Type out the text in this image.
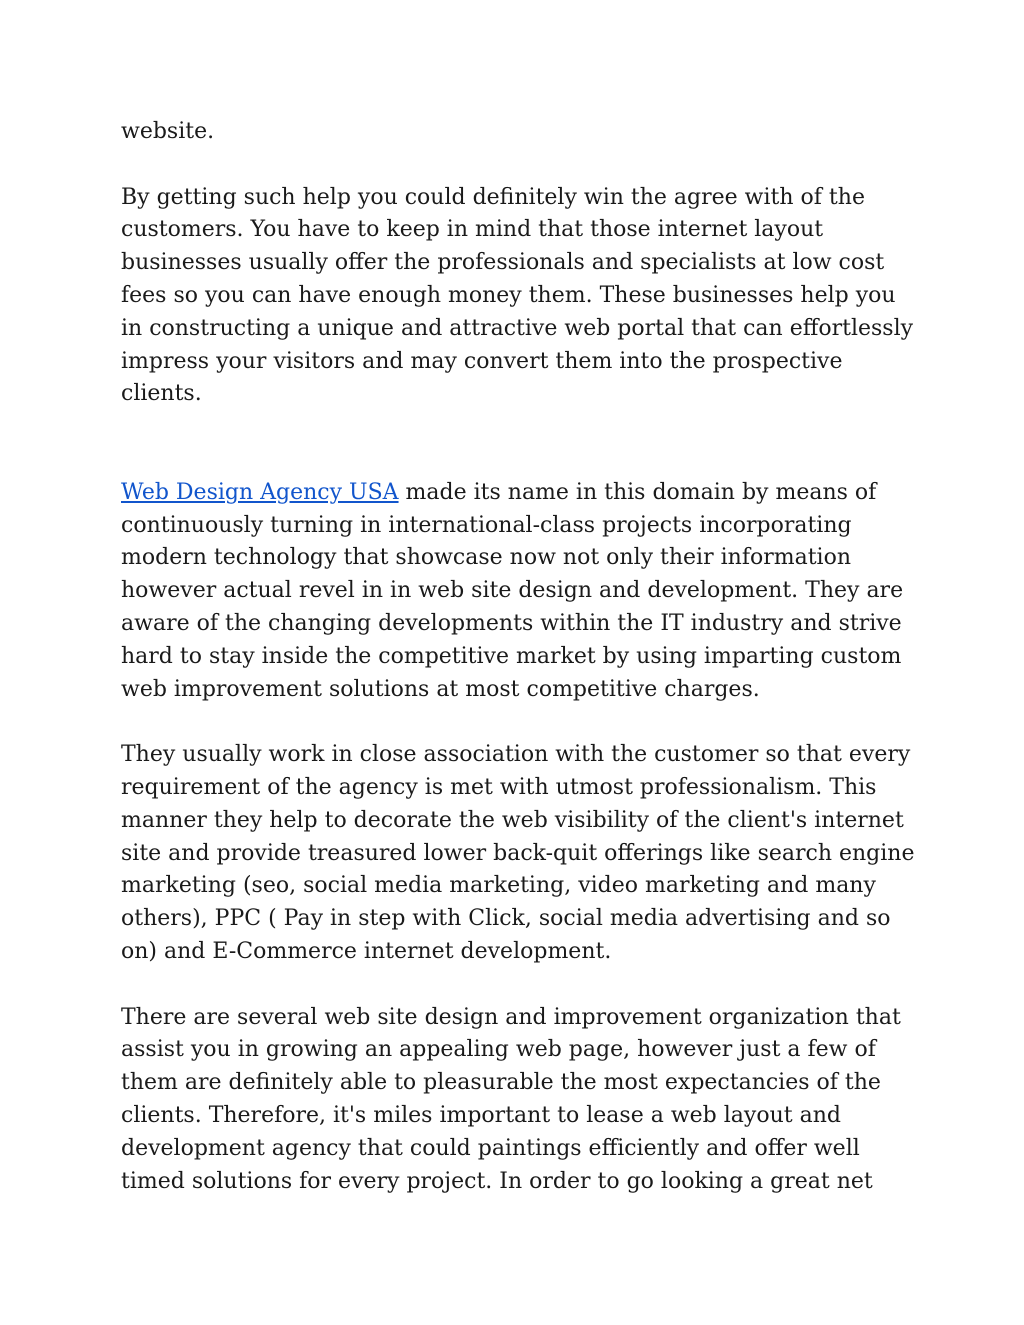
website.

By getting such help you could definitely win the agree with of the customers. You have to keep in mind that those internet layout businesses usually offer the professionals and specialists at low cost fees so you can have enough money them. These businesses help you in constructing a unique and attractive web portal that can effortlessly impress your visitors and may convert them into the prospective clients.

Web Design Agency USA made its name in this domain by means of continuously turning in international-class projects incorporating modern technology that showcase now not only their information however actual revel in in web site design and development. They are aware of the changing developments within the IT industry and strive hard to stay inside the competitive market by using imparting custom web improvement solutions at most competitive charges.

They usually work in close association with the customer so that every requirement of the agency is met with utmost professionalism. This manner they help to decorate the web visibility of the client's internet site and provide treasured lower back-quit offerings like search engine marketing (seo, social media marketing, video marketing and many others), PPC ( Pay in step with Click, social media advertising and so on) and E-Commerce internet development.

There are several web site design and improvement organization that assist you in growing an appealing web page, however just a few of them are definitely able to pleasurable the most expectancies of the clients. Therefore, it's miles important to lease a web layout and development agency that could paintings efficiently and offer well timed solutions for every project. In order to go looking a great net
